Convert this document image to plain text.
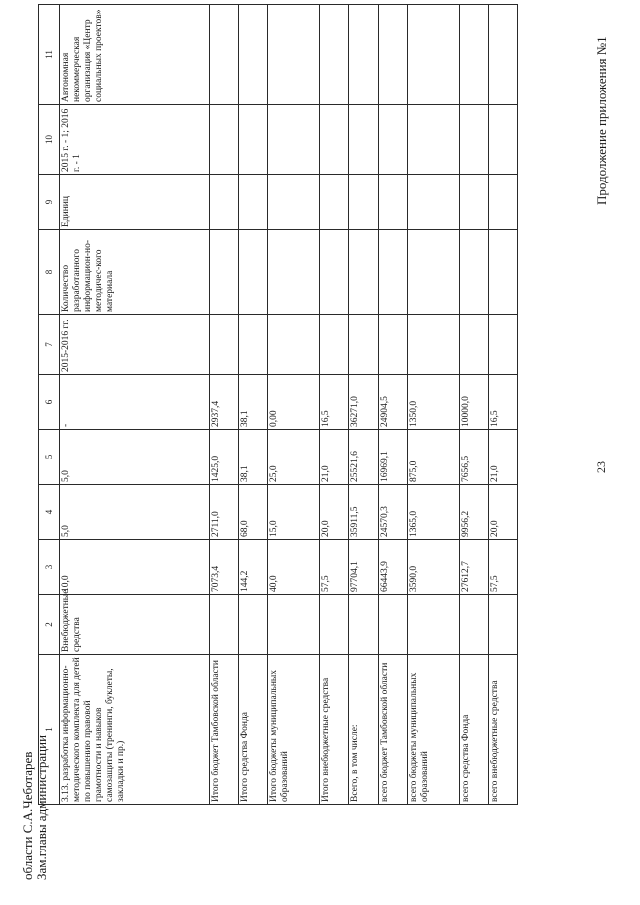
Продолжение приложения №1
23
1	2	3	4	5	6	7	8	9	10	11
3.13. разработка информационно-методического комплекта для детей по повышению правовой грамотности и навыков самозащиты (тренинги, буклеты, закладки и пр.)	Внебюджетные средства	10,0	5,0	5,0	-	2015-2016 гг.	Количество разработанного информацион-но- методичес-кого материала	Единиц	2015 г. - 1; 2016 г. - 1	Автономная некоммерческая организация «Центр социальных проектов»
Итого бюджет Тамбовской области		7073,4	2711,0	1425,0	2937,4					
Итого средства Фонда		144,2	68,0	38,1	38,1					
Итого бюджеты муниципальных образований		40,0	15,0	25,0	0,00					
Итого внебюджетные средства		57,5	20,0	21,0	16,5					
Всего, в том числе:		97704,1	35911,5	25521,6	36271,0					
всего бюджет Тамбовской области		66443,9	24570,3	16969,1	24904,5					
всего бюджеты муниципальных образований		3590,0	1365,0	875,0	1350,0					
всего средства Фонда		27612,7	9956,2	7656,5	10000,0					
всего внебюджетные средства		57,5	20,0	21,0	16,5					
Зам.главы администрации
области С.А.Чеботарев
